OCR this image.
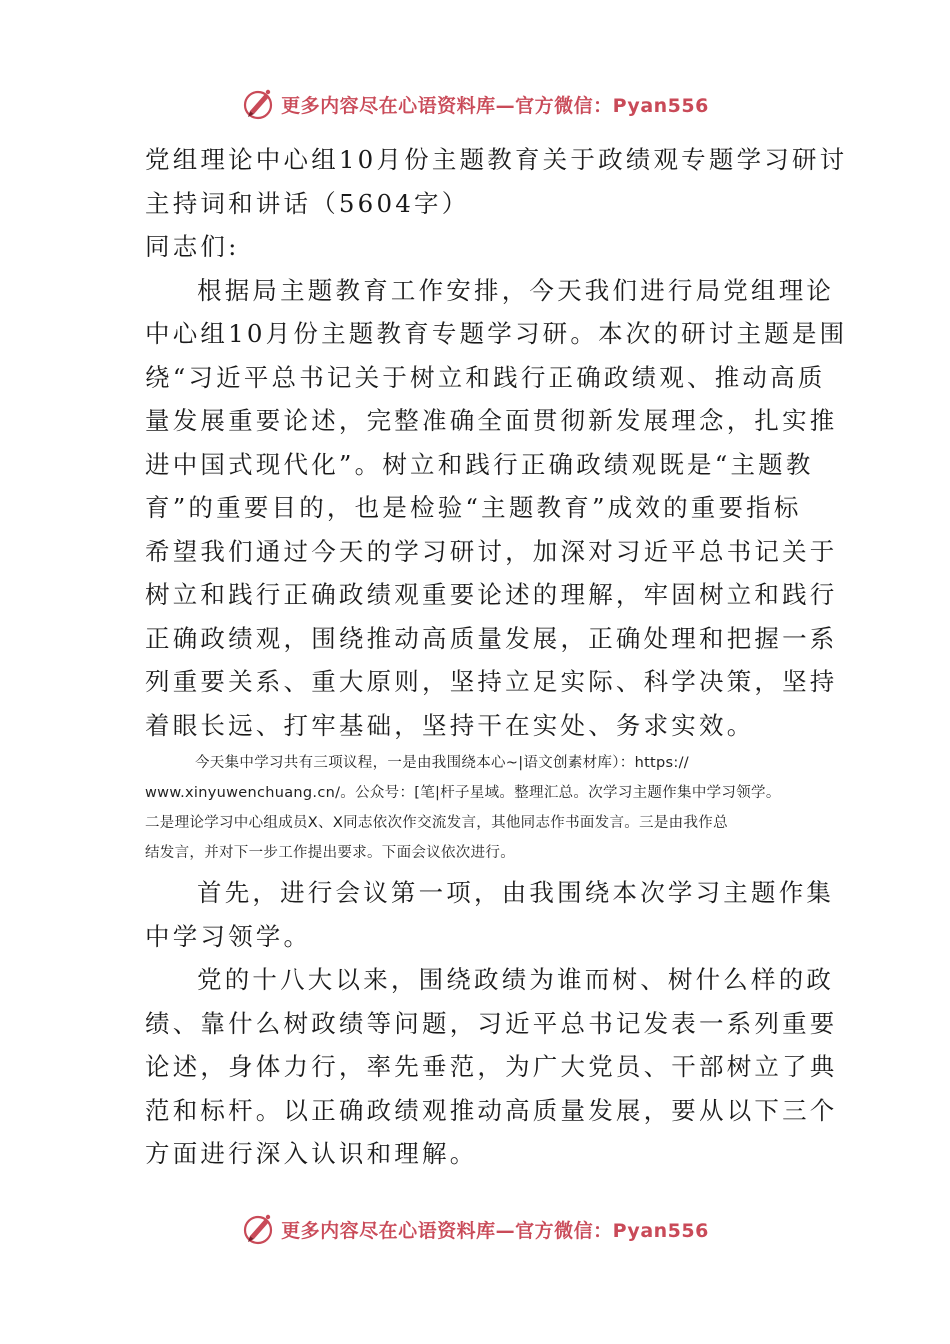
更多内容尽在心语资料库—官方微信：Pyan556
党组理论中心组10月份主题教育关于政绩观专题学习研讨
主持词和讲话（5604字）
同志们:
根据局主题教育工作安排，今天我们进行局党组理论
中心组10月份主题教育专题学习研。本次的研讨主题是围
绕“习近平总书记关于树立和践行正确政绩观、推动高质
量发展重要论述，完整准确全面贯彻新发展理念，扎实推
进中国式现代化”。树立和践行正确政绩观既是“主题教
育”的重要目的，也是检验“主题教育”成效的重要指标
希望我们通过今天的学习研讨，加深对习近平总书记关于
树立和践行正确政绩观重要论述的理解，牢固树立和践行
正确政绩观，围绕推动高质量发展，正确处理和把握一系
列重要关系、重大原则，坚持立足实际、科学决策，坚持
着眼长远、打牢基础，坚持干在实处、务求实效。
今天集中学习共有三项议程，一是由我围绕本心~|语文创素材库）：https://
www.xinyuwenchuang.cn/。公众号：[笔|杆子星域。整理汇总。次学习主题作集中学习领学。
二是理论学习中心组成员X、X同志依次作交流发言，其他同志作书面发言。三是由我作总
结发言，并对下一步工作提出要求。下面会议依次进行。
首先，进行会议第一项，由我围绕本次学习主题作集
中学习领学。
党的十八大以来，围绕政绩为谁而树、树什么样的政
绩、靠什么树政绩等问题，习近平总书记发表一系列重要
论述，身体力行，率先垂范，为广大党员、干部树立了典
范和标杆。以正确政绩观推动高质量发展，要从以下三个
方面进行深入认识和理解。
更多内容尽在心语资料库—官方微信：Pyan556
